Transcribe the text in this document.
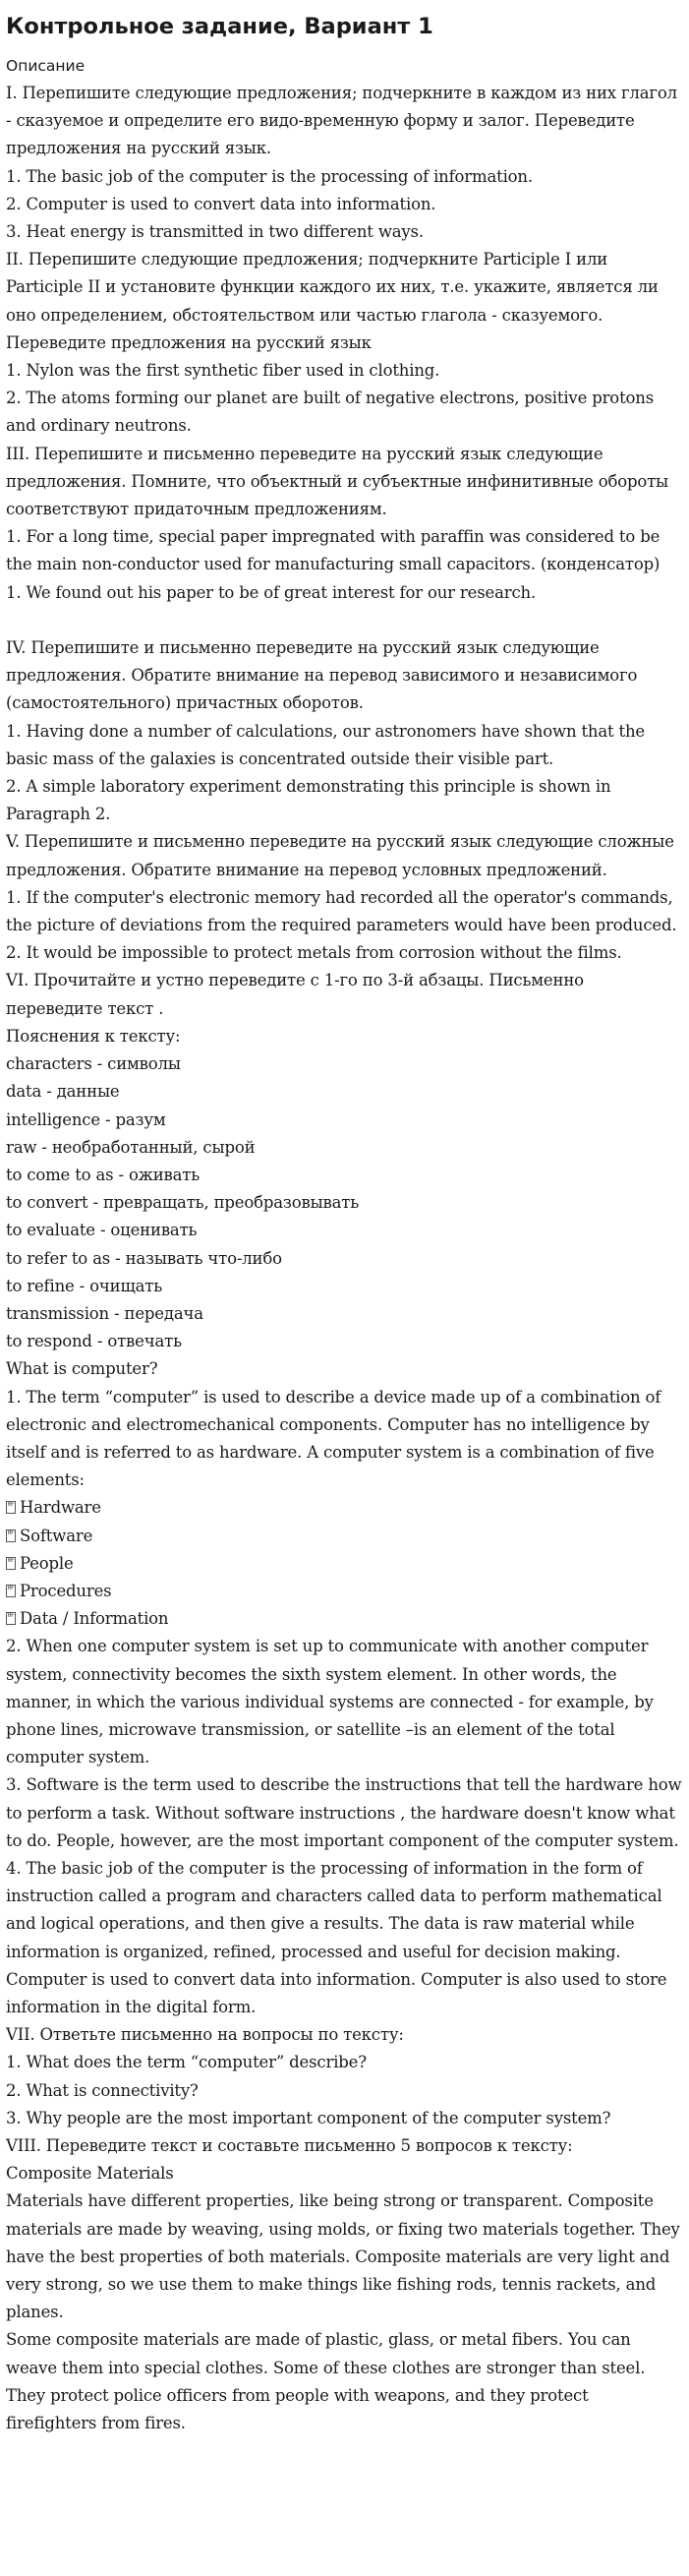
Контрольное задание, Вариант 1

Описание

I. Перепишите следующие предложения; подчеркните в каждом из них глагол - сказуемое и определите его видо-временную форму и залог. Переведите предложения на русский язык.

1. The basic job of the computer is the processing of information.

2. Computer is used to convert data into information.

3. Heat energy is transmitted in two different ways.

II. Перепишите следующие предложения; подчеркните Participle I или Participle II и установите функции каждого их них, т.е. укажите, является ли оно определением, обстоятельством или частью глагола - сказуемого. Переведите предложения на русский язык

1. Nylon was the first synthetic fiber used in clothing.

2. The atoms forming our planet are built of negative electrons, positive protons and ordinary neutrons.

III. Перепишите и письменно переведите на русский язык следующие предложения. Помните, что объектный и субъектные инфинитивные обороты соответствуют придаточным предложениям.

1. For a long time, special paper impregnated with paraffin was considered to be the main non-conductor used for manufacturing small capacitors. (конденсатор)

1. We found out his paper to be of great interest for our research.

IV. Перепишите и письменно переведите на русский язык следующие предложения. Обратите внимание на перевод зависимого и независимого (самостоятельного) причастных оборотов.

1. Having done a number of calculations, our astronomers have shown that the basic mass of the galaxies is concentrated outside their visible part.

2. A simple laboratory experiment demonstrating this principle is shown in Paragraph 2.

V. Перепишите и письменно переведите на русский язык следующие сложные предложения. Обратите внимание на перевод условных предложений.

1. If the computer's electronic memory had recorded all the operator's commands, the picture of deviations from the required parameters would have been produced.

2. It would be impossible to protect metals from corrosion without the films.

VI. Прочитайте и устно переведите с 1-го по 3-й абзацы. Письменно переведите текст .

Пояснения к тексту:

characters - символы

data - данные

intelligence - разум

raw - необработанный, сырой

to come to as - оживать

to convert - превращать, преобразовывать

to evaluate - оценивать

to refer to as - называть что-либо

to refine - очищать

transmission - передача

to respond - отвечать

What is computer?

1. The term “computer” is used to describe a device made up of a combination of electronic and electromechanical components. Computer has no intelligence by itself and is referred to as hardware. A computer system is a combination of five elements:

0F Hardware

0F Software

0F People

0F Procedures

0F Data / Information

2. When one computer system is set up to communicate with another computer system, connectivity becomes the sixth system element. In other words, the manner, in which the various individual systems are connected - for example, by phone lines, microwave transmission, or satellite –is an element of the total computer system.

3. Software is the term used to describe the instructions that tell the hardware how to perform a task. Without software instructions , the hardware doesn't know what to do. People, however, are the most important component of the computer system.

4. The basic job of the computer is the processing of information in the form of instruction called a program and characters called data to perform mathematical and logical operations, and then give a results. The data is raw material while information is organized, refined, processed and useful for decision making. Computer is used to convert data into information. Computer is also used to store information in the digital form.

VII. Ответьте письменно на вопросы по тексту:

1. What does the term “computer” describe?

2. What is connectivity?

3. Why people are the most important component of the computer system?

VIII. Переведите текст и составьте письменно 5 вопросов к тексту:

Composite Materials

Materials have different properties, like being strong or transparent. Composite materials are made by weaving, using molds, or fixing two materials together. They have the best properties of both materials. Composite materials are very light and very strong, so we use them to make things like fishing rods, tennis rackets, and planes.

Some composite materials are made of plastic, glass, or metal fibers. You can weave them into special clothes. Some of these clothes are stronger than steel. They protect police officers from people with weapons, and they protect firefighters from fires.
